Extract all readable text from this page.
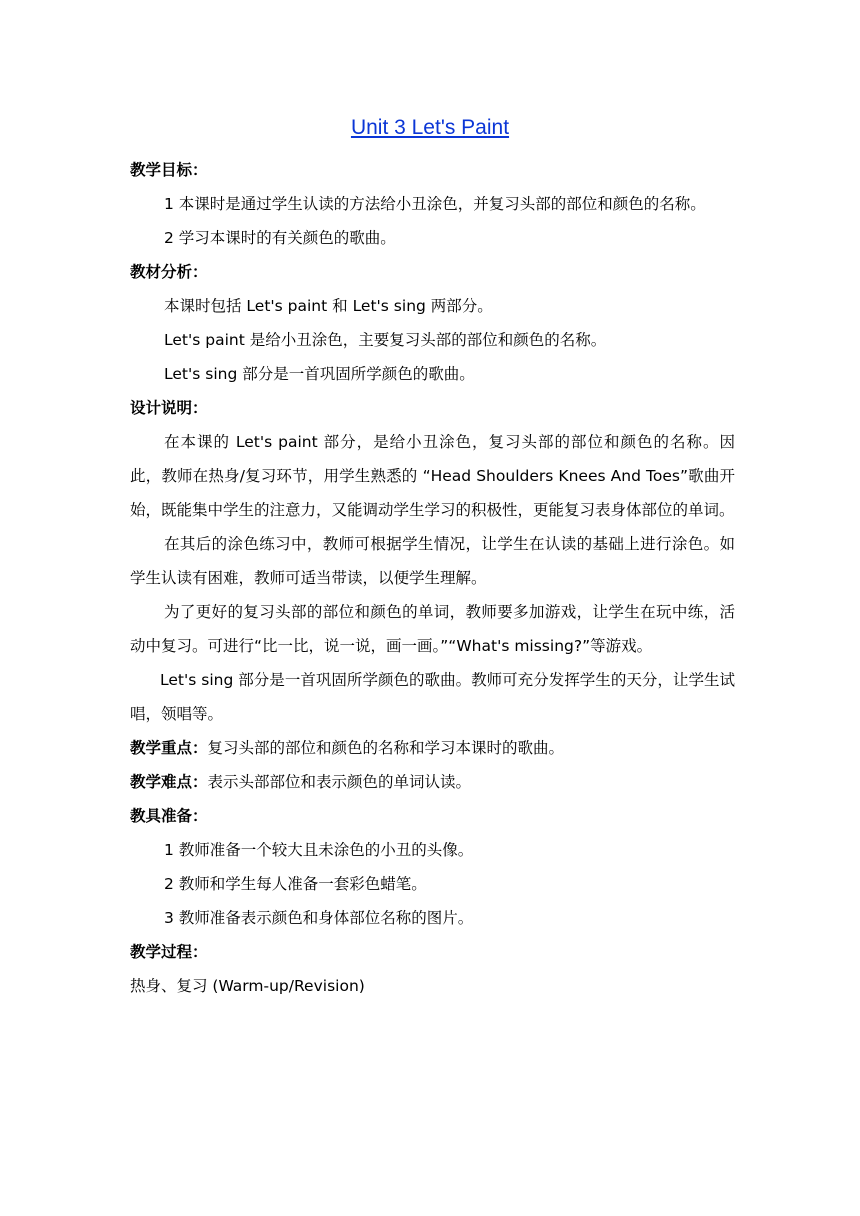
Unit 3 Let's Paint

教学目标：

1 本课时是通过学生认读的方法给小丑涂色，并复习头部的部位和颜色的名称。

2 学习本课时的有关颜色的歌曲。

教材分析：

本课时包括 Let's paint 和 Let's sing 两部分。

Let's paint 是给小丑涂色，主要复习头部的部位和颜色的名称。

Let's sing 部分是一首巩固所学颜色的歌曲。

设计说明：

在本课的 Let's paint 部分，是给小丑涂色，复习头部的部位和颜色的名称。因此，教师在热身/复习环节，用学生熟悉的 “Head Shoulders Knees And Toes”歌曲开始，既能集中学生的注意力，又能调动学生学习的积极性，更能复习表身体部位的单词。

在其后的涂色练习中，教师可根据学生情况，让学生在认读的基础上进行涂色。如学生认读有困难，教师可适当带读，以便学生理解。

为了更好的复习头部的部位和颜色的单词，教师要多加游戏，让学生在玩中练，活动中复习。可进行“比一比，说一说，画一画。”“What's missing?”等游戏。

Let's sing 部分是一首巩固所学颜色的歌曲。教师可充分发挥学生的天分，让学生试唱，领唱等。

教学重点：复习头部的部位和颜色的名称和学习本课时的歌曲。

教学难点：表示头部部位和表示颜色的单词认读。

教具准备：

1 教师准备一个较大且未涂色的小丑的头像。

2 教师和学生每人准备一套彩色蜡笔。

3 教师准备表示颜色和身体部位名称的图片。

教学过程：

热身、复习 (Warm-up/Revision)
